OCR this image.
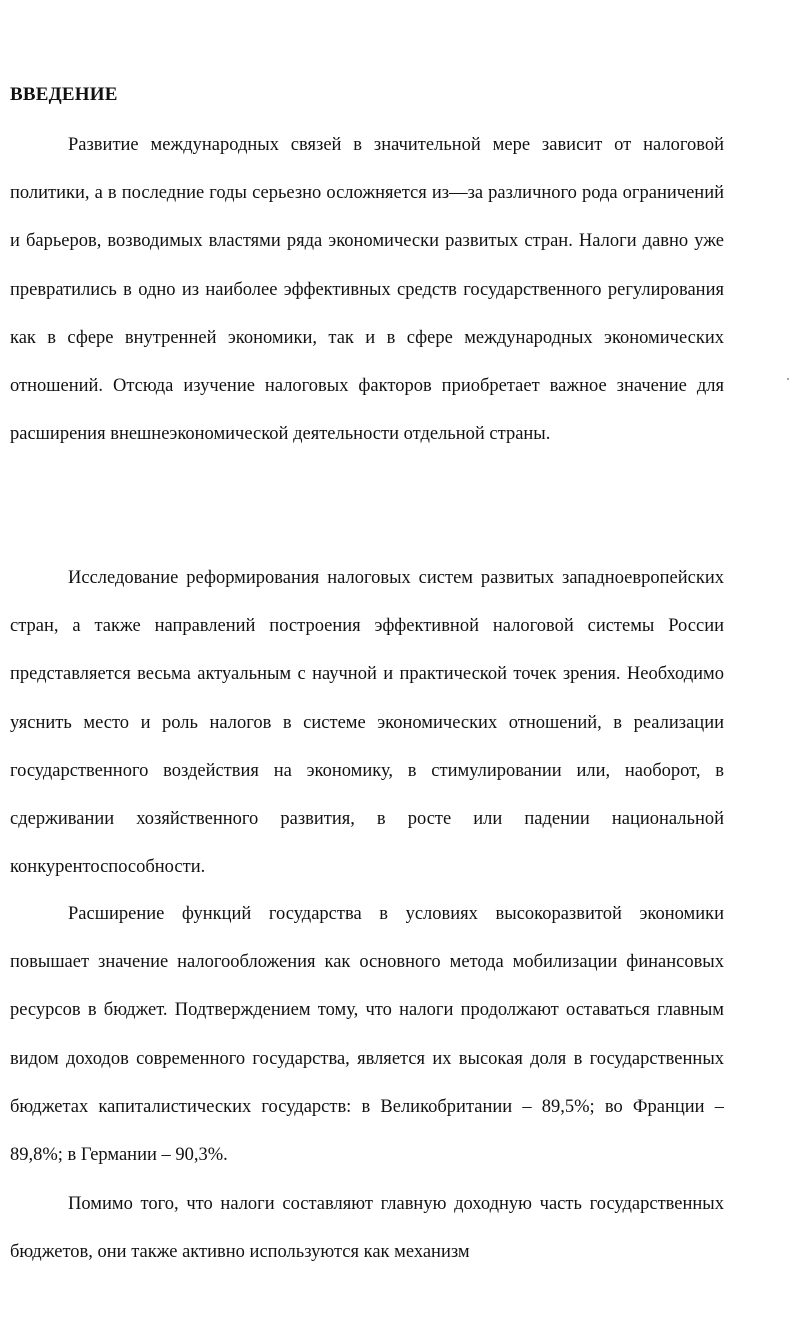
ВВЕДЕНИЕ

Развитие международных связей в значительной мере зависит от налоговой политики, а в последние годы серьезно осложняется из—за различного рода ограничений и барьеров, возводимых властями ряда экономически развитых стран. Налоги давно уже превратились в одно из наиболее эффективных средств государственного регулирования как в сфере внутренней экономики, так и в сфере международных экономических отношений. Отсюда изучение налоговых факторов приобретает важное значение для расширения внешнеэкономической деятельности отдельной страны.

Исследование реформирования налоговых систем развитых западноевропейских стран, а также направлений построения эффективной налоговой системы России представляется весьма актуальным с научной и практической точек зрения. Необходимо уяснить место и роль налогов в системе экономических отношений, в реализации государственного воздействия на экономику, в стимулировании или, наоборот, в сдерживании хозяйственного развития, в росте или падении национальной конкурентоспособности.

Расширение функций государства в условиях высокоразвитой экономики повышает значение налогообложения как основного метода мобилизации финансовых ресурсов в бюджет. Подтверждением тому, что налоги продолжают оставаться главным видом доходов современного государства, является их высокая доля в государственных бюджетах капиталистических государств: в Великобритании – 89,5%; во Франции – 89,8%; в Германии – 90,3%.

Помимо того, что налоги составляют главную доходную часть государственных бюджетов, они также активно используются как механизм
